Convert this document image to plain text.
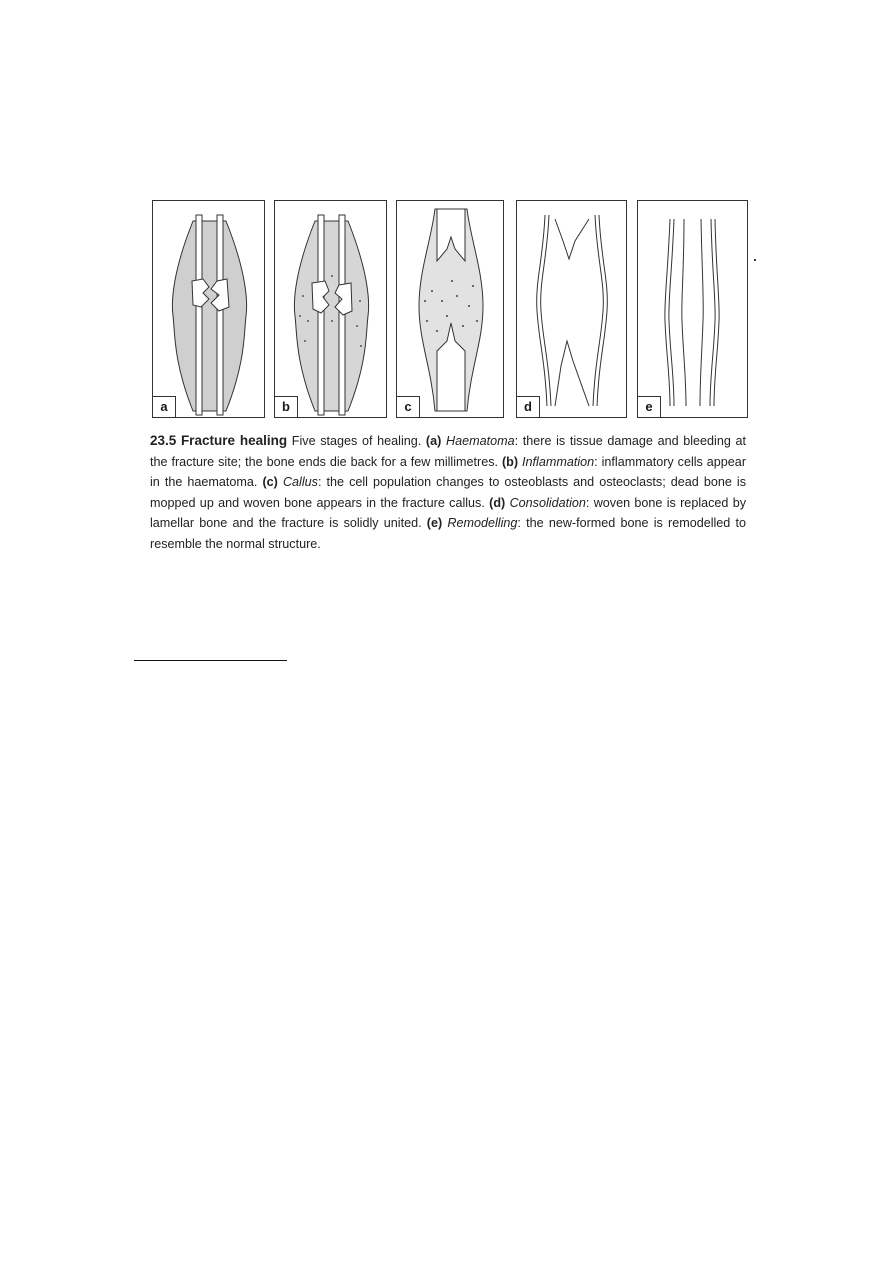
a	b	c	d	e
23.5 Fracture healing Five stages of healing. (a) Haematoma: there is tissue damage and bleeding at the fracture site; the bone ends die back for a few millimetres. (b) Inflammation: inflammatory cells appear in the haematoma. (c) Callus: the cell population changes to osteoblasts and osteoclasts; dead bone is mopped up and woven bone appears in the fracture callus. (d) Consolidation: woven bone is replaced by lamellar bone and the fracture is solidly united. (e) Remodelling: the new-formed bone is remodelled to resemble the normal structure.
